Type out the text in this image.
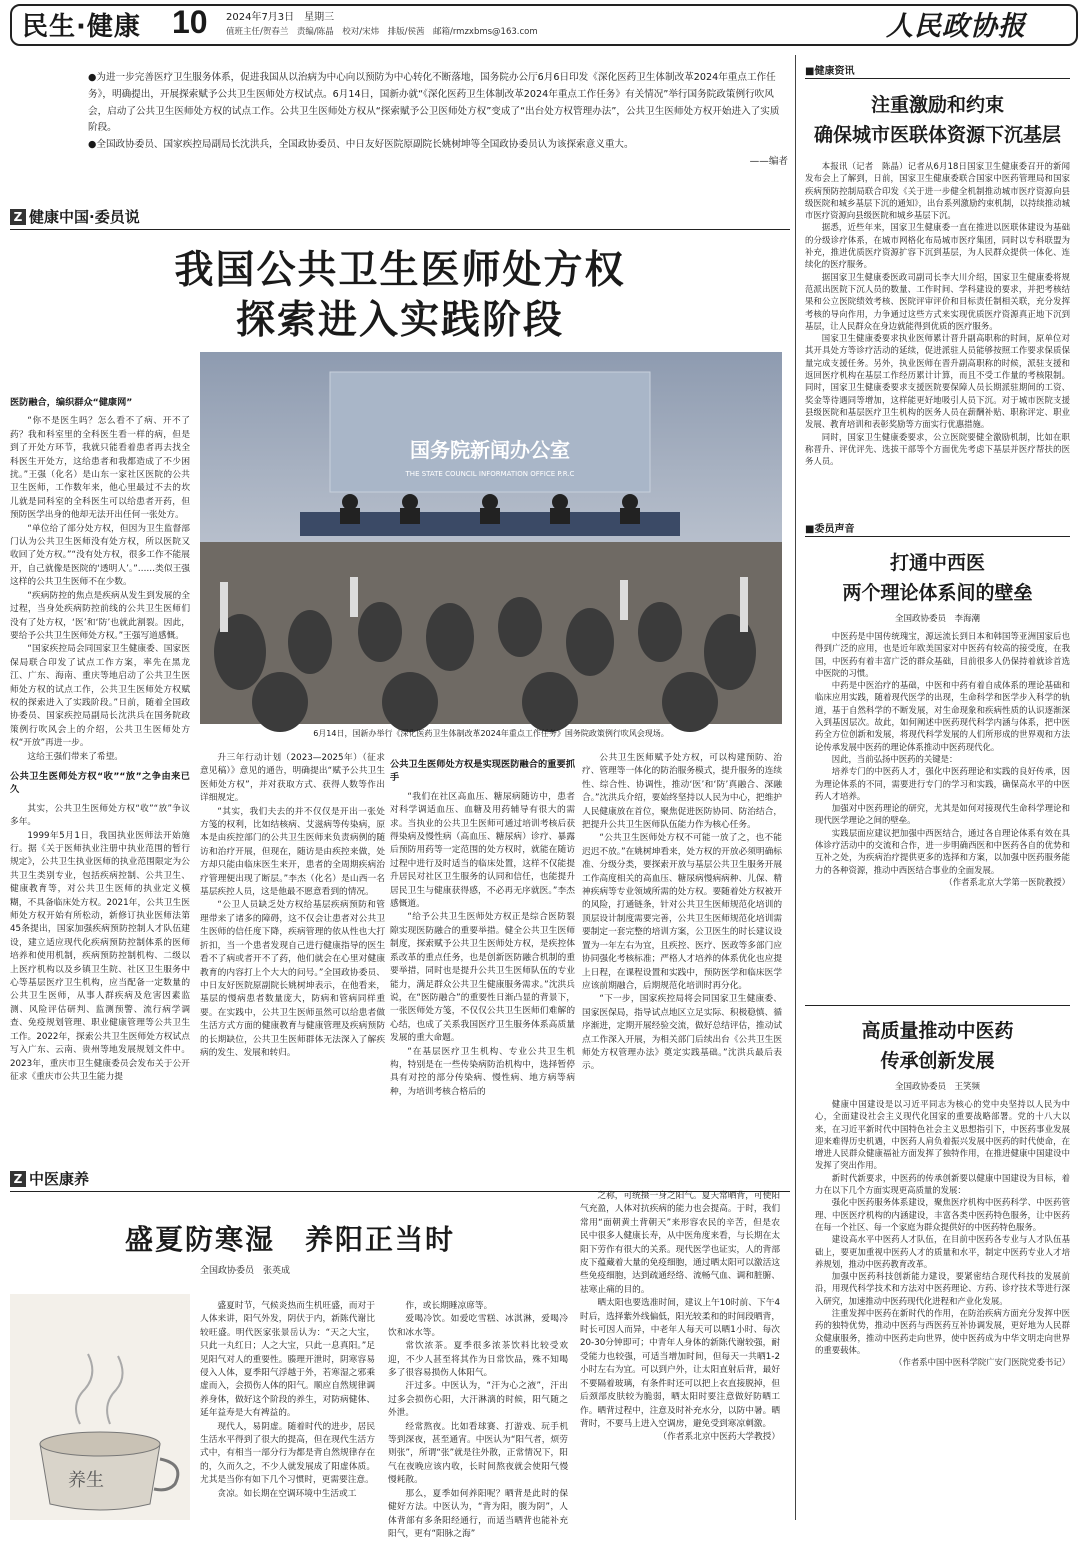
民生·健康 10 2024年7月3日　星期三
值班主任/贺春兰　责编/陈晶　校对/宋炜　排版/侯茜　邮箱/rmzxbms@163.com	人民政协报

●为进一步完善医疗卫生服务体系，促进我国从以治病为中心向以预防为中心转化不断落地，国务院办公厅6月6日印发《深化医药卫生体制改革2024年重点工作任务》，明确提出，开展探索赋予公共卫生医师处方权试点。6月14日，国新办就“《深化医药卫生体制改革2024年重点工作任务》有关情况”举行国务院政策例行吹风会，启动了公共卫生医师处方权的试点工作。公共卫生医师处方权从“探索赋予公卫医师处方权”变成了“出台处方权管理办法”，公共卫生医师处方权开始进入了实质阶段。

●全国政协委员、国家疾控局副局长沈洪兵，全国政协委员、中日友好医院原副院长姚树坤等全国政协委员认为该探索意义重大。

——编者

Z 健康中国·委员说
我国公共卫生医师处方权
探索进入实践阶段

医防融合，编织群众“健康网”

“你不是医生吗？怎么看不了病、开不了药？我和科室里的全科医生看一样的病，但是到了开处方环节，我就只能看着患者再去找全科医生开处方，这给患者和我都造成了不少困扰。”王强（化名）是山东一家社区医院的公共卫生医师，工作数年来，他心里最过不去的坎儿就是同科室的全科医生可以给患者开药，但预防医学出身的他却无法开出任何一张处方。

“单位给了部分处方权，但因为卫生监督部门认为公共卫生医师没有处方权，所以医院又收回了处方权。”“没有处方权，很多工作不能展开，自己就像是医院的‘透明人’。”……类似王强这样的公共卫生医师不在少数。

“疾病防控的焦点是疾病从发生到发展的全过程，当身处疾病防控前线的公共卫生医师们没有了处方权，‘医’和‘防’也就此割裂。因此，要给予公共卫生医师处方权。”王强写道感慨。

“国家疾控局会同国家卫生健康委、国家医保局联合印发了试点工作方案，率先在黑龙江、广东、海南、重庆等地启动了公共卫生医师处方权的试点工作，公共卫生医师处方权赋权的探索进入了实践阶段。”日前，随着全国政协委员、国家疾控局副局长沈洪兵在国务院政策例行吹风会上的介绍，公共卫生医师处方权“开放”再进一步。

这给王强们带来了希望。

公共卫生医师处方权“收”“放”之争由来已久

其实，公共卫生医师处方权“收”“放”争议多年。

1999年5月1日，我国执业医师法开始施行。据《关于医师执业注册中执业范围的暂行规定》，公共卫生执业医师的执业范围限定为公共卫生类别专业，包括疾病控制、公共卫生、健康教育等，对公共卫生医师的执业定义模糊，不具备临床处方权。2021年，公共卫生医师处方权开始有所松动，新修订执业医师法第45条提出，国家加强疾病预防控制人才队伍建设，建立适应现代化疾病预防控制体系的医师培养和使用机制，疾病预防控制机构、二级以上医疗机构以及乡镇卫生院、社区卫生服务中心等基层医疗卫生机构，应当配备一定数量的公共卫生医师，从事人群疾病及危害因素监测、风险评估研判、监测预警、流行病学调查、免疫规划管理、职业健康管理等公共卫生工作。2022年，探索公共卫生医师处方权试点写入广东、云南、贵州等地发展规划文件中。2023年，重庆市卫生健康委员会发布关于公开征求《重庆市公共卫生能力提

国务院新闻办公室
THE STATE COUNCIL INFORMATION OFFICE P.R.C
6月14日，国新办举行《深化医药卫生体制改革2024年重点工作任务》国务院政策例行吹风会现场。

升三年行动计划（2023—2025年）（征求意见稿）》意见的通告，明确提出“赋予公共卫生医师处方权”，并对获取方式、获得人数等作出详细规定。

“其实，我们夫去的并不仅仅是开出一张处方笺的权利，比如结核病、艾滋病等传染病，原本是由疾控部门的公共卫生医师来负责病例的随访和治疗开展，但现在，随访是由疾控来做，处方却只能由临床医生来开，患者的全周期疾病治疗管理便出现了断层。”李杰（化名）是山西一名基层疾控人员，这是他最不愿意看到的情况。

“公卫人员缺乏处方权给基层疾病预防和管理带来了诸多的障碍，这不仅会让患者对公共卫生医师的信任度下降，疾病管理的依从性也大打折扣，当一个患者发现自己进行健康指导的医生看不了病或者开不了药，他们就会在心里对健康教育的内容打上个大大的问号。”全国政协委员、中日友好医院原副院长姚树坤表示，在他看来，基层的慢病患者数量庞大，防病和管病同样重要。在实践中，公共卫生医师虽然可以给患者做生活方式方面的健康教育与健康管理及疾病预防的长期缺位，公共卫生医师群体无法深入了解疾病的发生、发展和转归。

公共卫生医师处方权是实现医防融合的重要抓手

“我们在社区高血压、糖尿病随访中，患者对科学调适血压、血糖及用药辅导有很大的需求。当执业的公共卫生医师可通过培训考核后获得染病及慢性病（高血压、糖尿病）诊疗、暴露后预防用药等一定范围的处方权时，就能在随访过程中进行及时适当的临床处置，这样不仅能提升居民对社区卫生服务的认同和信任，也能提升居民卫生与健康获得感，不必再无序就医。”李杰感慨道。

“给予公共卫生医师处方权正是综合医防裂隙实现医防融合的重要举措。健全公共卫生医师制度，探索赋予公共卫生医师处方权，是疾控体系改革的重点任务，也是创新医防融合机制的重要举措，同时也是提升公共卫生医师队伍的专业能力，满足群众公共卫生健康服务需求。”沈洪兵说，在“医防融合”的重要性日渐凸显的背景下，一张医师处方笺，不仅仅公共卫生医师们难解的心结，也成了关系我国医疗卫生服务体系高质量发展的重大命题。

“在基层医疗卫生机构、专业公共卫生机构，特别是在一些传染病防治机构中，选择暂停具有对控的部分传染病、慢性病、地方病等病种，为培训考核合格后的

公共卫生医师赋予处方权，可以构建预防、治疗、管理等一体化的防治服务模式，提升服务的连续性、综合性、协调性，推动‘医’和‘防’真融合、深融合。”沈洪兵介绍，要始终坚持以人民为中心，把维护人民健康放在首位，聚焦促进医防协同、防治结合，把提升公共卫生医师队伍能力作为核心任务。

“公共卫生医师处方权不可能一放了之，也不能迟迟不放。”在姚树坤看来，处方权的开放必须明确标准、分级分类，要探索开放与基层公共卫生服务开展工作高度相关的高血压、糖尿病慢病病种、儿保、精神疾病等专业领域所需的处方权。要随着处方权被开的风险，打通链条，针对公共卫生医师规范化培训的顶层设计制度需要完善，公共卫生医师规范化培训需要制定一套完整的培训方案，公卫医生的时长建议设置为一年左右为宜，且疾控、医疗、医政等多部门应协同强化考核标准；严格人才培养的体系优化也应提上日程，在课程设置和实践中，预防医学和临床医学应该前期融合，后期规范化培训时再分化。

“下一步，国家疾控局将会同国家卫生健康委、国家医保局，指导试点地区立足实际、积极稳慎、循序渐进，定期开展经验交流，做好总结评估，推动试点工作深入开展，为相关部门后续出台《公共卫生医师处方权管理办法》奠定实践基础。”沈洪兵最后表示。

■健康资讯
注重激励和约束
确保城市医联体资源下沉基层

本报讯（记者　陈晶）记者从6月18日国家卫生健康委召开的新闻发布会上了解到，日前，国家卫生健康委联合国家中医药管理局和国家疾病预防控制局联合印发《关于进一步健全机制推动城市医疗资源向县级医院和城乡基层下沉的通知》，出台系列激励约束机制，以持续推动城市医疗资源向县级医院和城乡基层下沉。

据悉，近些年来，国家卫生健康委一直在推进以医联体建设为基础的分级诊疗体系，在城市网格化布局城市医疗集团，同时以专科联盟为补充，推进优质医疗资源扩容下沉到基层，为人民群众提供一体化、连续化的医疗服务。

据国家卫生健康委医政司副司长李大川介绍，国家卫生健康委将规范派出医院下沉人员的数量、工作时间、学科建设的要求，并把考核结果和公立医院绩效考核、医院评审评价和目标责任制相关联，充分发挥考核的导向作用，力争通过这些方式来实现优质医疗资源真正地下沉到基层，让人民群众在身边就能得到优质的医疗服务。

国家卫生健康委要求执业医师累计晋升副高职称的时间，原单位对其开具处方等诊疗活动的延续，促进派驻人员能够按照工作要求保质保量完成支援任务。另外，执业医师在晋升副高职称的时候，派驻支援和返回医疗机构在基层工作经历累计计算，而且不受工作量的考核限制。同时，国家卫生健康委要求支援医院要保障人员长期派驻期间的工资、奖金等待遇同等增加，这样能更好地吸引人员下沉。对于城市医院支援县级医院和基层医疗卫生机构的医务人员在薪酬补贴、职称评定、职业发展、教育培训和表彰奖励等方面实行优惠措施。

同时，国家卫生健康委要求，公立医院要健全激励机制，比如在职称晋升、评优评先、选拔干部等个方面优先考虑下基层并医疗帮扶的医务人员。

■委员声音
打通中西医
两个理论体系间的壁垒
全国政协委员　李海潮

中医药是中国传统瑰宝，源远流长到日本和韩国等亚洲国家后也得到广泛的应用，也是近年欧美国家对中医药有较高的接受度，在我国，中医药有着丰富广泛的群众基础，目前很多人仍保持着就诊首选中医院的习惯。

中药是中医治疗的基础，中医和中药有着自成体系的理论基础和临床应用实践，随着现代医学的出现，生命科学和医学步入科学的轨道，基于自然科学的不断发展，对生命现象和疾病性质的认识逐渐深入到基因层次。故此，如何阐述中医药现代科学内涵与体系，把中医药全方位创新和发展，将现代科学发展的人们所形成的世界观和方法论传承发展中医药的理论体系推动中医药现代化。

因此，当前弘扬中医药的关键是：

培养专门的中医药人才，强化中医药理论和实践的良好传承，因为理论体系的不同，需要进行专门的学习和实践，确保高水平的中医药人才培养。

加强对中医药理论的研究，尤其是如何对接现代生命科学理论和现代医学理论之间的壁垒。

实践层面应建议把加强中西医结合，通过各自理论体系有效在具体诊疗活动中的交流和合作，进一步明确西医和中医药各自的优势和互补之处，为疾病治疗提供更多的选择和方案，以加强中医药服务能力的各种资源，推动中西医结合事业的全面发展。

（作者系北京大学第一医院教授）

高质量推动中医药
传承创新发展
全国政协委员　王笑频

健康中国建设是以习近平同志为核心的党中央坚持以人民为中心，全面建设社会主义现代化国家的重要战略部署。党的十八大以来，在习近平新时代中国特色社会主义思想指引下，中医药事业发展迎来难得历史机遇，中医药人肩负着振兴发展中医药的时代使命，在增进人民群众健康福祉方面发挥了独特作用，在推进健康中国建设中发挥了突出作用。

新时代新要求，中医药的传承创新要以健康中国建设为目标，着力在以下几个方面实现更高质量的发展：

强化中医药服务体系建设，聚焦医疗机构中医药科学、中医药管理、中医医疗机构的内涵建设，丰富各类中医药特色服务，让中医药在每一个社区、每一个家庭为群众提供好的中医药特色服务。

建设高水平中医药人才队伍，在目前中医药各专业与人才队伍基础上，要更加重视中医药人才的质量和水平，制定中医药专业人才培养规划，推动中医药教育改革。

加强中医药科技创新能力建设，要紧密结合现代科技的发展前沿，用现代科学技术和方法对中医药理论、方药、诊疗技术等进行深入研究，加速推动中医药现代化进程和产业化发展。

注重发挥中医药在新时代的作用，在防治疾病方面充分发挥中医药的独特优势，推动中医药与西医药互补协调发展，更好地为人民群众健康服务，推动中医药走向世界，使中医药成为中华文明走向世界的重要载体。

（作者系中国中医科学院广安门医院党委书记）

Z 中医康养
盛夏防寒湿　养阳正当时
全国政协委员　张英成
养生

盛夏时节，气候炎热而生机旺盛，而对于人体来讲，阳气外发，阴伏于内，新陈代谢比较旺盛。明代医家张景岳认为：“天之大宝，只此一丸红日；人之大宝，只此一息真阳。”足见阳气对人的重要性。腠理开泄时，阴寒容易侵入人体，夏季阳气浮越于外，若寒湿之邪乘虚而入，会损伤人体的阳气。顺应自然规律调养身体，做好这个阶段的养生，对防病健体、延年益寿是大有裨益的。

现代人，易阴虚。随着时代的进步，居民生活水平得到了很大的提高，但在现代生活方式中，有相当一部分行为都是背自然规律存在的，久而久之，不少人就发展成了阳虚体质。尤其是当你有如下几个习惯时，更需要注意。

贪凉。如长期在空调环境中生活或工

作，或长期睡凉席等。

爱喝冷饮。如爱吃雪糕、冰淇淋，爱喝冷饮和冰水等。

常饮浓茶。夏季很多浓茶饮料比较受欢迎，不少人甚至将其作为日常饮品，殊不知喝多了很容易损伤人体阳气。

汗过多。中医认为，“汗为心之液”，汗出过多会损伤心阳，大汗淋漓的时候，阳气随之外泄。

经常熬夜。比如看球赛、打游戏、玩手机等到深夜，甚至通宵。中医认为“阳气者，烦劳则张”，所谓“张”就是往外散，正常情况下，阳气在夜晚应该内收，长时间熬夜就会使阳气慢慢耗散。

那么，夏季如何养阳呢？晒背是此时的保健好方法。中医认为，“背为阳，腹为阴”，人体背部有多条阳经通行，而适当晒背也能补充阳气，更有“阳脉之海”

之称，可统摄一身之阳气。夏天常晒背，可使阳气充盈，人体对抗疾病的能力也会提高。于时，我们常用“面朝黄土背朝天”来形容农民的辛苦，但是农民中很多人健康长寿，从中医角度来看，与长期在太阳下劳作有很大的关系。现代医学也证实，人的背部皮下蕴藏着大量的免疫细胞，通过晒太阳可以激活这些免疫细胞，达到疏通经络、流畅气血、调和脏腑、祛寒止痛的目的。

晒太阳也要选准时间，建议上午10时前、下午4时后，选择紫外线偏低，阳光较柔和的时间段晒背，时长可因人而异，中老年人每天可以晒1小时、每次20-30分钟即可；中青年人身体的新陈代谢较强，耐受能力也较强，可适当增加时间，但每天一共晒1-2小时左右为宜。可以到户外，让太阳直射后背，最好不要隔着玻璃，有条件时还可以把上衣直接脱掉，但后颈部皮肤较为脆弱，晒太阳时要注意做好防晒工作。晒背过程中，注意及时补充水分，以防中暑。晒背时，不要马上进入空调房，避免受到寒凉刺激。

（作者系北京中医药大学教授）
